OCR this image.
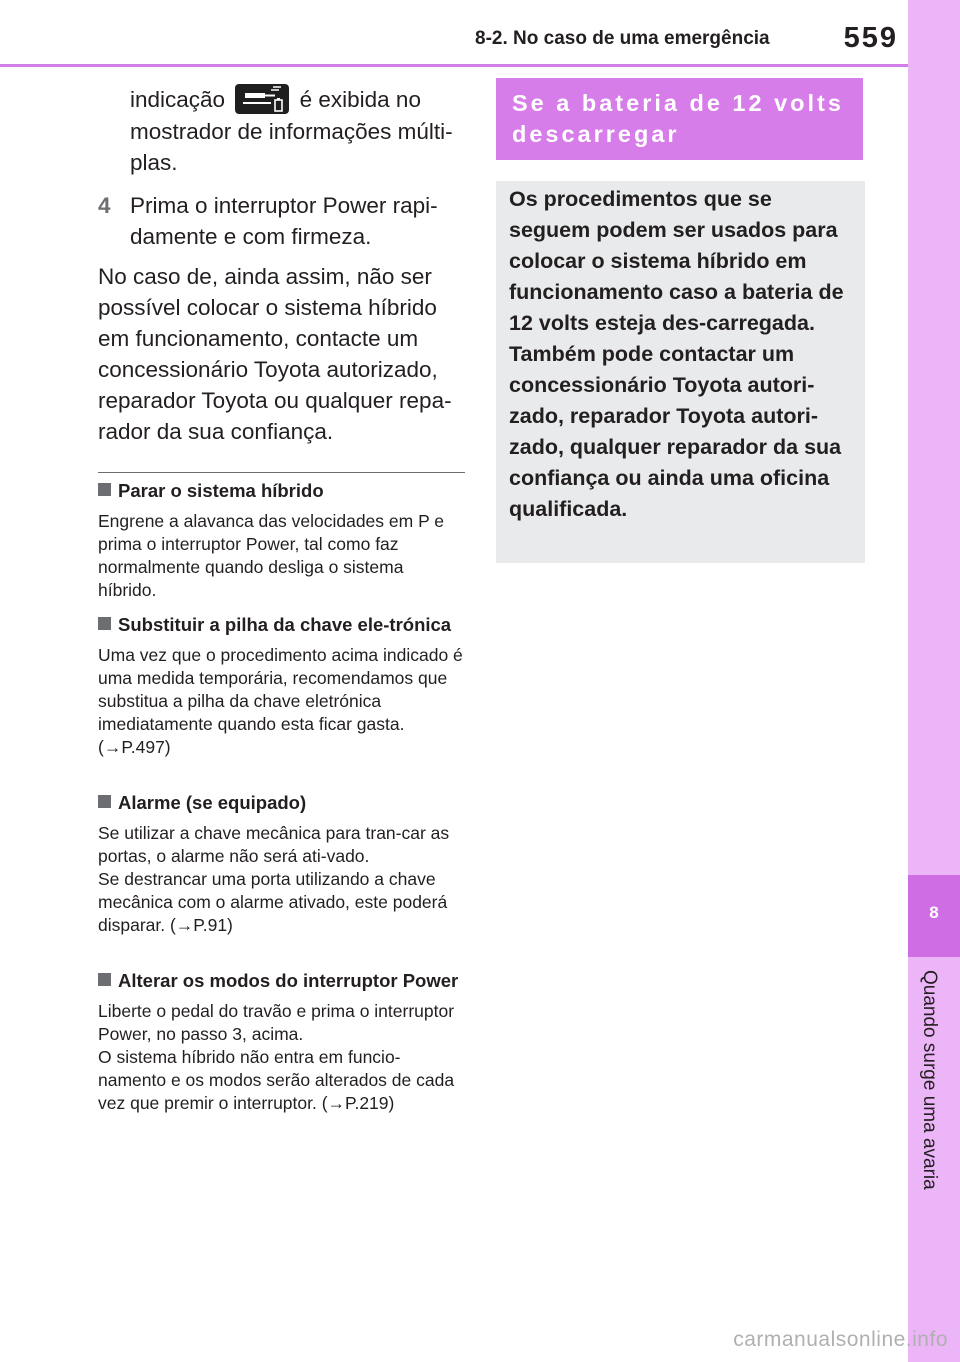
8-2. No caso de uma emergência	559
8
Quando surge uma avaria
indicação	é exibida no mostrador de informações múlti-plas.
4 Prima o interruptor Power rapi-damente e com firmeza.
No caso de, ainda assim, não ser possível colocar o sistema híbrido em funcionamento, contacte um concessionário Toyota autorizado, reparador Toyota ou qualquer repa-rador da sua confiança.
Parar o sistema híbrido
Engrene a alavanca das velocidades em P e prima o interruptor Power, tal como faz normalmente quando desliga o sistema híbrido.
Substituir a pilha da chave ele-trónica
Uma vez que o procedimento acima indicado é uma medida temporária, recomendamos que substitua a pilha da chave eletrónica imediatamente quando esta ficar gasta. (→P.497)
Alarme (se equipado)
Se utilizar a chave mecânica para tran-car as portas, o alarme não será ati-vado.
Se destrancar uma porta utilizando a chave mecânica com o alarme ativado, este poderá disparar. (→P.91)
Alterar os modos do interruptor Power
Liberte o pedal do travão e prima o interruptor Power, no passo 3, acima.
O sistema híbrido não entra em funcio-namento e os modos serão alterados de cada vez que premir o interruptor. (→P.219)
Se a bateria de 12 volts descarregar
Os procedimentos que se seguem podem ser usados para colocar o sistema híbrido em funcionamento caso a bateria de 12 volts esteja des-carregada.
Também pode contactar um concessionário Toyota autori-zado, reparador Toyota autori-zado, qualquer reparador da sua confiança ou ainda uma oficina qualificada.
carmanualsonline.info
